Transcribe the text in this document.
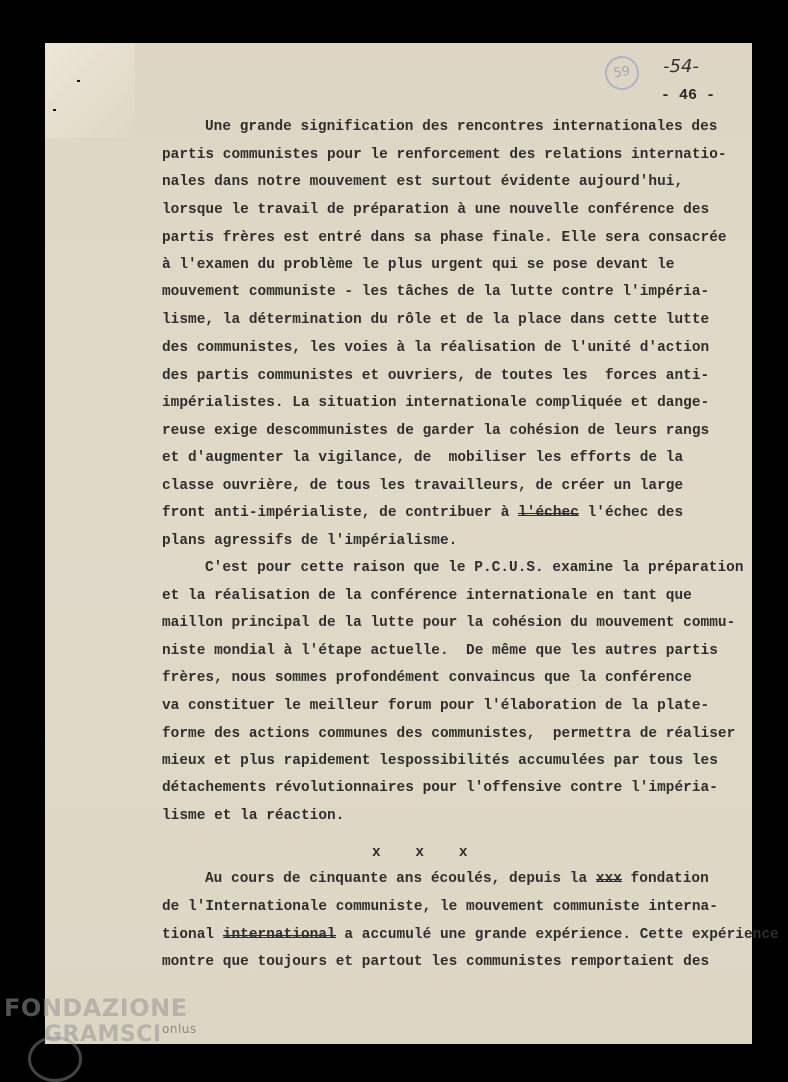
59	-54-
- 46 -
Une grande signification des rencontres internationales des
partis communistes pour le renforcement des relations internatio-
nales dans notre mouvement est surtout évidente aujourd'hui,
lorsque le travail de préparation à une nouvelle conférence des
partis frères est entré dans sa phase finale. Elle sera consacrée
à l'examen du problème le plus urgent qui se pose devant le
mouvement communiste - les tâches de la lutte contre l'impéria-
lisme, la détermination du rôle et de la place dans cette lutte
des communistes, les voies à la réalisation de l'unité d'action
des partis communistes et ouvriers, de toutes les  forces anti-
impérialistes. La situation internationale compliquée et dange-
reuse exige descommunistes de garder la cohésion de leurs rangs
et d'augmenter la vigilance, de  mobiliser les efforts de la
classe ouvrière, de tous les travailleurs, de créer un large
front anti-impérialiste, de contribuer à l'échec l'échec des
plans agressifs de l'impérialisme.
C'est pour cette raison que le P.C.U.S. examine la préparation
et la réalisation de la conférence internationale en tant que
maillon principal de la lutte pour la cohésion du mouvement commu-
niste mondial à l'étape actuelle.  De même que les autres partis
frères, nous sommes profondément convaincus que la conférence
va constituer le meilleur forum pour l'élaboration de la plate-
forme des actions communes des communistes,  permettra de réaliser
mieux et plus rapidement lespossibilités accumulées par tous les
détachements révolutionnaires pour l'offensive contre l'impéria-
lisme et la réaction.
x    x    x
Au cours de cinquante ans écoulés, depuis la xxx fondation
de l'Internationale communiste, le mouvement communiste interna-
tional international a accumulé une grande expérience. Cette expérience
montre que toujours et partout les communistes remportaient des
FONDAZIONE
GRAMSCI onlus
